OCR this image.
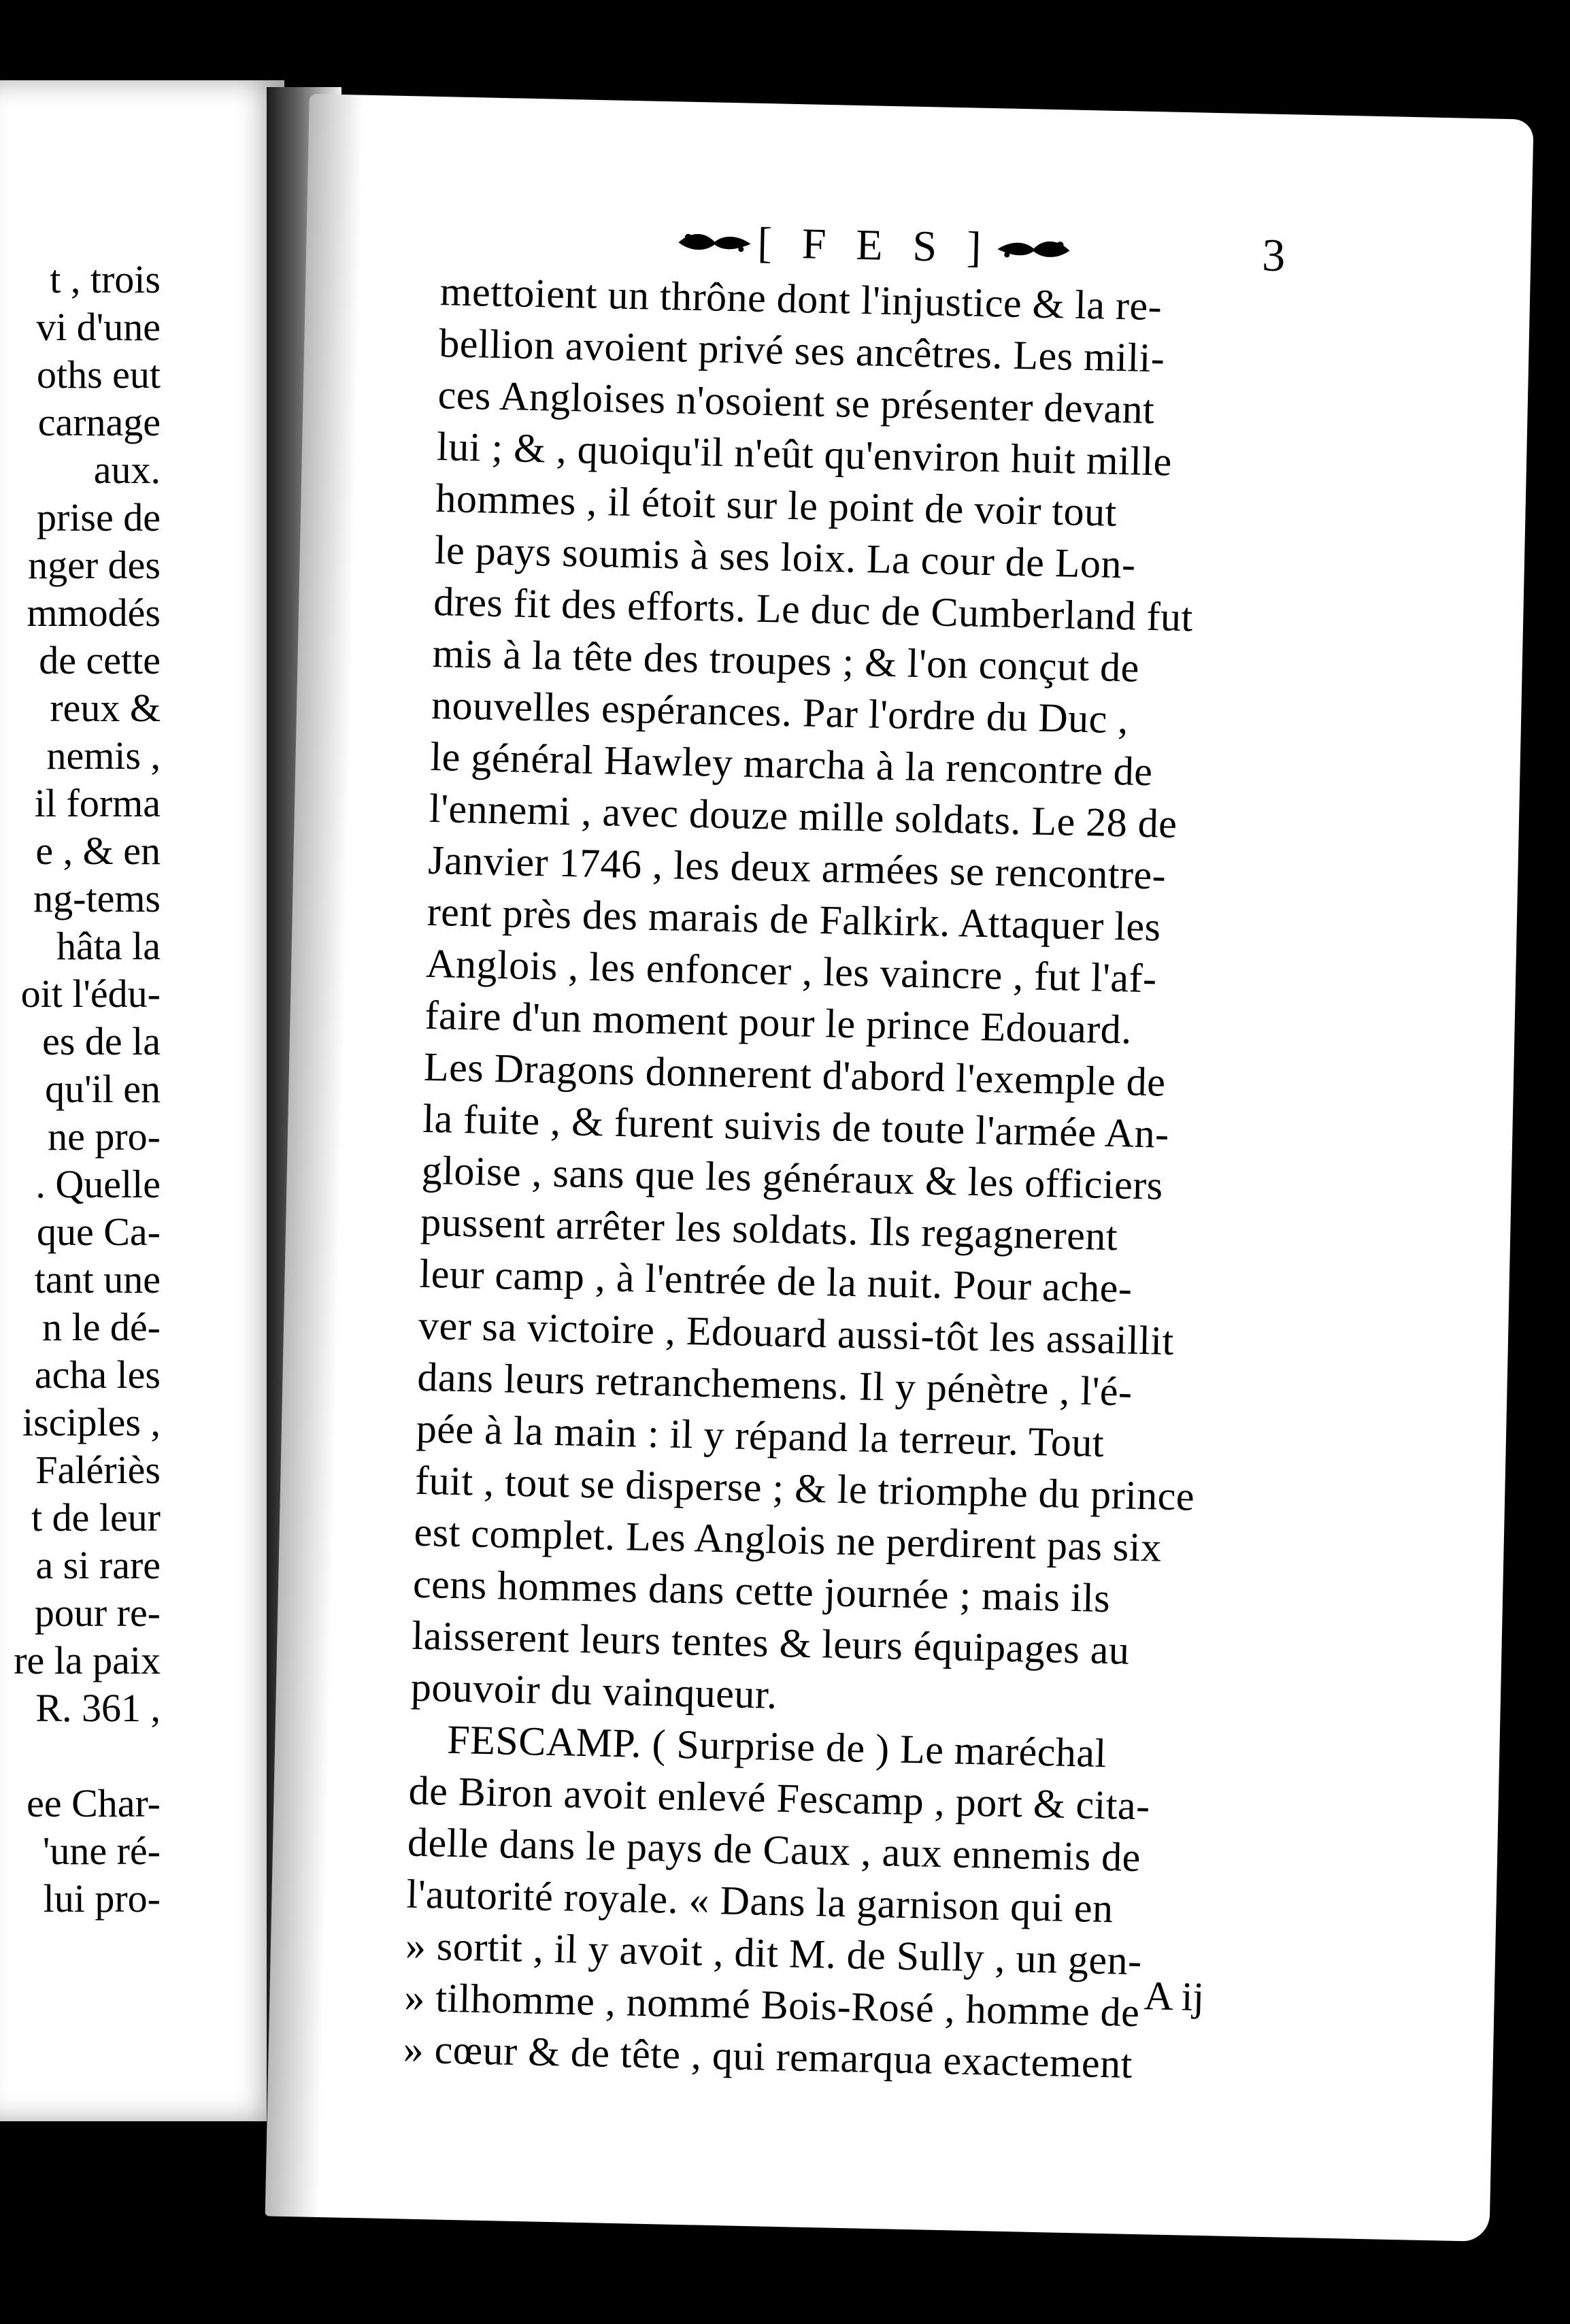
t , trois
vi d'une
oths eut
carnage
aux.
prise de
nger des
mmodés
de cette
reux &
nemis ,
il forma
e , & en
ng-tems
hâta la
oit l'édu-
es de la
qu'il en
ne pro-
. Quelle
que Ca-
tant une
n le dé-
acha les
isciples ,
Falériès
t de leur
a si rare
pour re-
re la paix
R. 361 ,
ee Char-
'une ré-
lui pro-
[ F E S ]	3
mettoient un thrône dont l'injustice & la re-
bellion avoient privé ses ancêtres. Les mili-
ces Angloises n'osoient se présenter devant
lui ; & , quoiqu'il n'eût qu'environ huit mille
hommes , il étoit sur le point de voir tout
le pays soumis à ses loix. La cour de Lon-
dres fit des efforts. Le duc de Cumberland fut
mis à la tête des troupes ; & l'on conçut de
nouvelles espérances. Par l'ordre du Duc ,
le général Hawley marcha à la rencontre de
l'ennemi , avec douze mille soldats. Le 28 de
Janvier 1746 , les deux armées se rencontre-
rent près des marais de Falkirk. Attaquer les
Anglois , les enfoncer , les vaincre , fut l'af-
faire d'un moment pour le prince Edouard.
Les Dragons donnerent d'abord l'exemple de
la fuite , & furent suivis de toute l'armée An-
gloise , sans que les généraux & les officiers
pussent arrêter les soldats. Ils regagnerent
leur camp , à l'entrée de la nuit. Pour ache-
ver sa victoire , Edouard aussi-tôt les assaillit
dans leurs retranchemens. Il y pénètre , l'é-
pée à la main : il y répand la terreur. Tout
fuit , tout se disperse ; & le triomphe du prince
est complet. Les Anglois ne perdirent pas six
cens hommes dans cette journée ; mais ils
laisserent leurs tentes & leurs équipages au
pouvoir du vainqueur.
FESCAMP. ( Surprise de ) Le maréchal
de Biron avoit enlevé Fescamp , port & cita-
delle dans le pays de Caux , aux ennemis de
l'autorité royale. « Dans la garnison qui en
» sortit , il y avoit , dit M. de Sully , un gen-
» tilhomme , nommé Bois-Rosé , homme de
» cœur & de tête , qui remarqua exactement
A ij
